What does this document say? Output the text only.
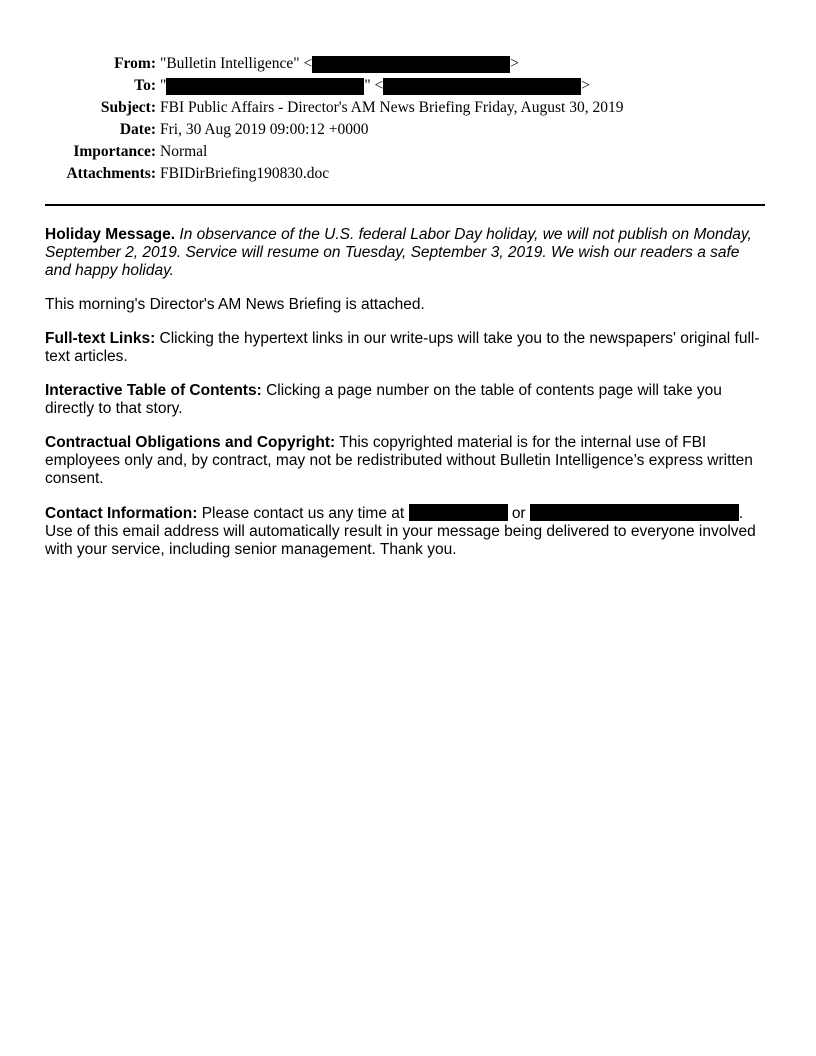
From: "Bulletin Intelligence" <	>
To: "	" <	>
Subject: FBI Public Affairs - Director's AM News Briefing Friday, August 30, 2019
Date: Fri, 30 Aug 2019 09:00:12 +0000
Importance: Normal
Attachments: FBIDirBriefing190830.doc

Holiday Message. In observance of the U.S. federal Labor Day holiday, we will not publish on Monday, September 2, 2019. Service will resume on Tuesday, September 3, 2019. We wish our readers a safe and happy holiday.

This morning's Director's AM News Briefing is attached.

Full-text Links: Clicking the hypertext links in our write-ups will take you to the newspapers' original full-text articles.

Interactive Table of Contents: Clicking a page number on the table of contents page will take you directly to that story.

Contractual Obligations and Copyright: This copyrighted material is for the internal use of FBI employees only and, by contract, may not be redistributed without Bulletin Intelligence’s express written consent.

Contact Information: Please contact us any time at	or	. Use of this email address will automatically result in your message being delivered to everyone involved with your service, including senior management. Thank you.
